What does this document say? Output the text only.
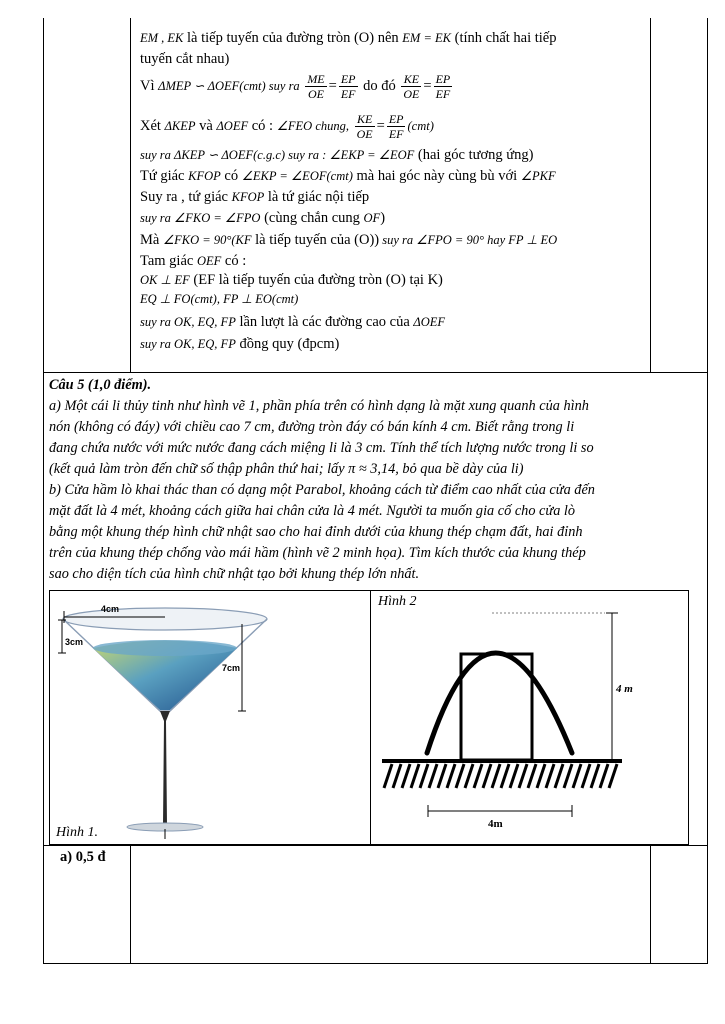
EM , EK là tiếp tuyến của đường tròn (O) nên EM = EK (tính chất hai tiếp
tuyến cắt nhau)
Vì ΔMEP ∽ ΔOEF(cmt) suy ra $\frac{ME}{OE} = \frac{EP}{EF}$ do đó $\frac{KE}{OE} = \frac{EP}{EF}$
Xét ΔKEP và ΔOEF có : ∠FEO chung, $\frac{KE}{OE} = \frac{EP}{EF} (cmt)$
suy ra ΔKEP ∽ ΔOEF(c.g.c) suy ra : ∠EKP = ∠EOF (hai góc tương ứng)
Tứ giác KFOP có ∠EKP = ∠EOF(cmt) mà hai góc này cùng bù với ∠PKF
Suy ra , tứ giác KFOP là tứ giác nội tiếp
suy ra ∠FKO = ∠FPO (cùng chắn cung OF)
Mà ∠FKO = 90°(KF là tiếp tuyến của (O)) suy ra ∠FPO = 90° hay FP ⊥ EO
Tam giác OEF có :
OK ⊥ EF (EF là tiếp tuyến của đường tròn (O) tại K)
EQ ⊥ FO(cmt), FP ⊥ EO(cmt)
suy ra OK, EQ, FP lần lượt là các đường cao của ΔOEF
suy ra OK, EQ, FP đồng quy (đpcm)
Câu 5 (1,0 điểm).
a) Một cái li thủy tinh như hình vẽ 1, phần phía trên có hình dạng là mặt xung quanh của hình
nón (không có đáy) với chiều cao 7 cm, đường tròn đáy có bán kính 4 cm. Biết rằng trong li
đang chứa nước với mức nước đang cách miệng li là 3 cm. Tính thể tích lượng nước trong li so
(kết quả làm tròn đến chữ số thập phân thứ hai; lấy π ≈ 3,14, bỏ qua bề dày của li)
b) Cửa hầm lò khai thác than có dạng một Parabol, khoảng cách từ điểm cao nhất của cửa đến
mặt đất là 4 mét, khoảng cách giữa hai chân cửa là 4 mét. Người ta muốn gia cố cho cửa lò
bằng một khung thép hình chữ nhật sao cho hai đỉnh dưới của khung thép chạm đất, hai đỉnh
trên của khung thép chống vào mái hầm (hình vẽ 2 minh họa). Tìm kích thước của khung thép
sao cho diện tích của hình chữ nhật tạo bởi khung thép lớn nhất.
4cm
3cm
7cm
Hình 1.
Hình 2
4 m
4m
a) 0,5 đ
